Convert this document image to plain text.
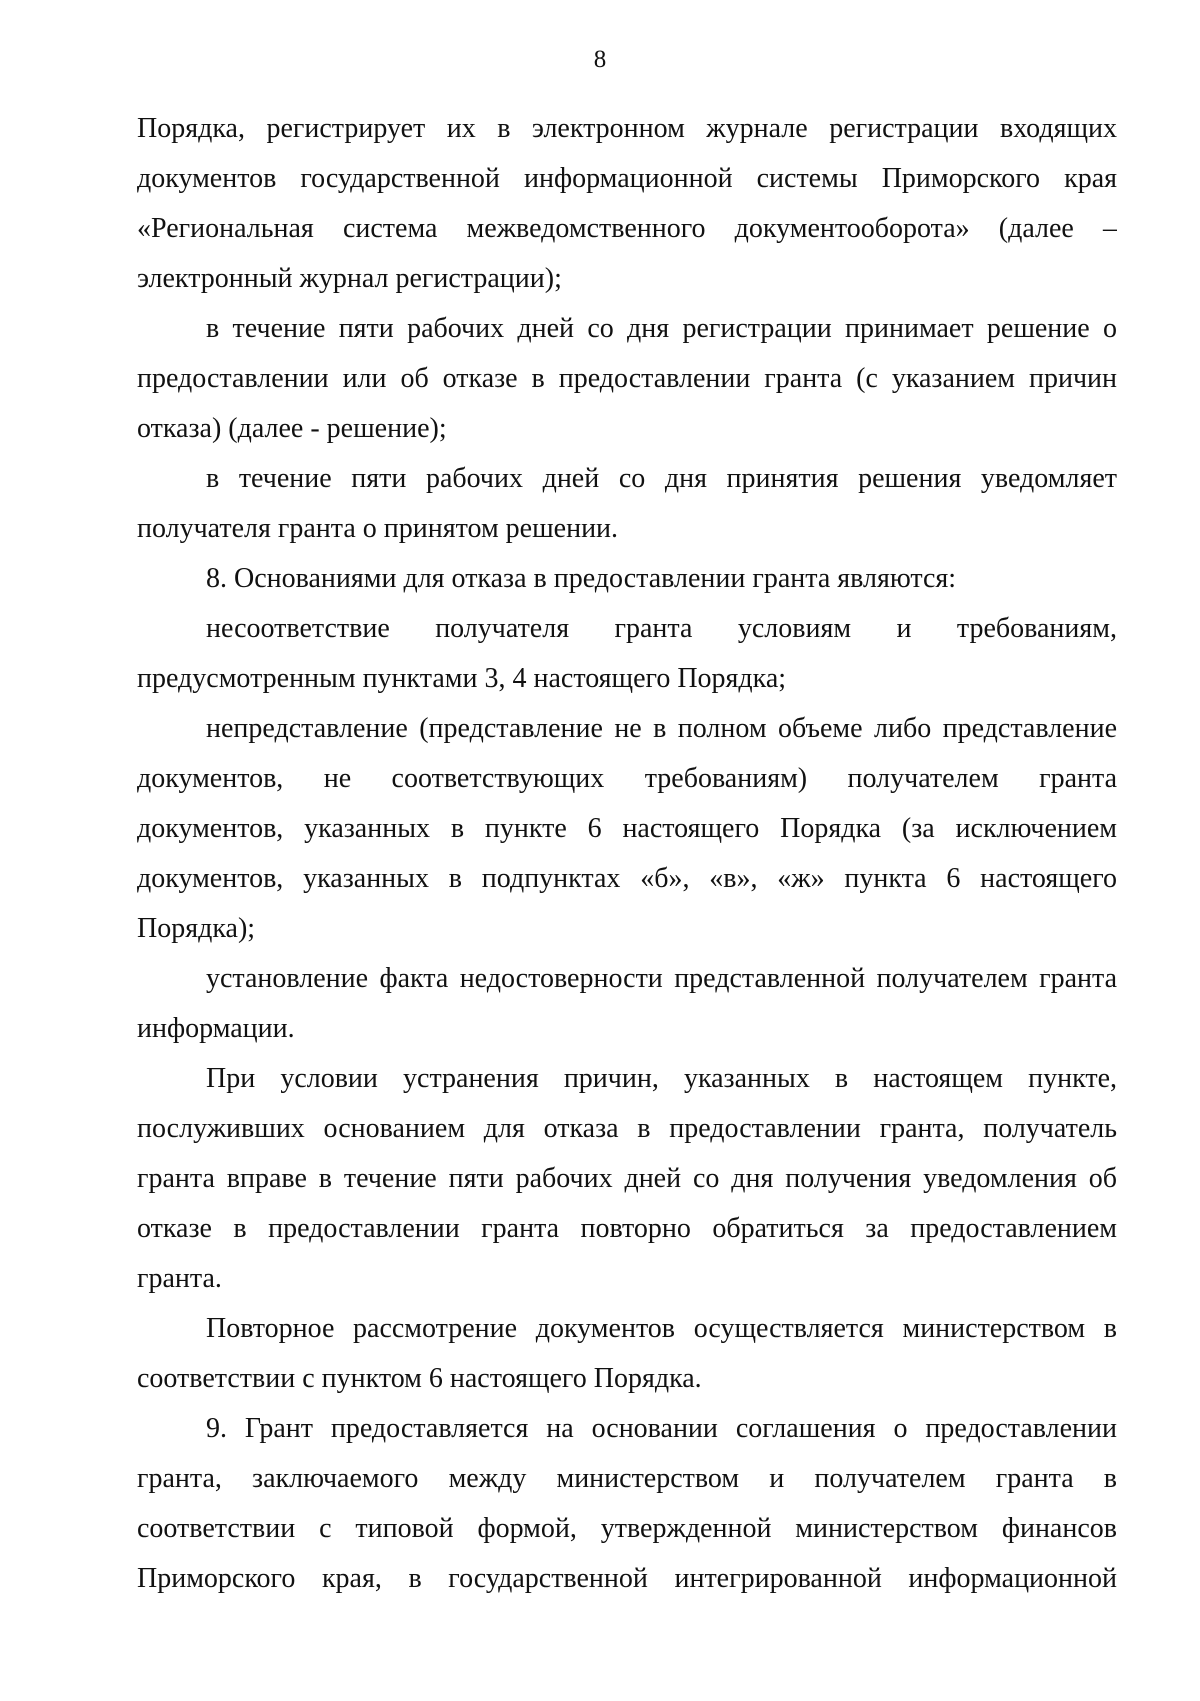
8
Порядка, регистрирует их в электронном журнале регистрации входящих
документов государственной информационной системы Приморского края
«Региональная система межведомственного документооборота» (далее –
электронный журнал регистрации);
в течение пяти рабочих дней со дня регистрации принимает решение о
предоставлении или об отказе в предоставлении гранта (с указанием причин
отказа) (далее - решение);
в течение пяти рабочих дней со дня принятия решения уведомляет
получателя гранта о принятом решении.
8. Основаниями для отказа в предоставлении гранта являются:
несоответствие получателя гранта условиям и требованиям,
предусмотренным пунктами 3, 4 настоящего Порядка;
непредставление (представление не в полном объеме либо представление
документов, не соответствующих требованиям) получателем гранта
документов, указанных в пункте 6 настоящего Порядка (за исключением
документов, указанных в подпунктах «б», «в», «ж» пункта 6 настоящего
Порядка);
установление факта недостоверности представленной получателем гранта
информации.
При условии устранения причин, указанных в настоящем пункте,
послуживших основанием для отказа в предоставлении гранта, получатель
гранта вправе в течение пяти рабочих дней со дня получения уведомления об
отказе в предоставлении гранта повторно обратиться за предоставлением
гранта.
Повторное рассмотрение документов осуществляется министерством в
соответствии с пунктом 6 настоящего Порядка.
9. Грант предоставляется на основании соглашения о предоставлении
гранта, заключаемого между министерством и получателем гранта в
соответствии с типовой формой, утвержденной министерством финансов
Приморского края, в государственной интегрированной информационной
